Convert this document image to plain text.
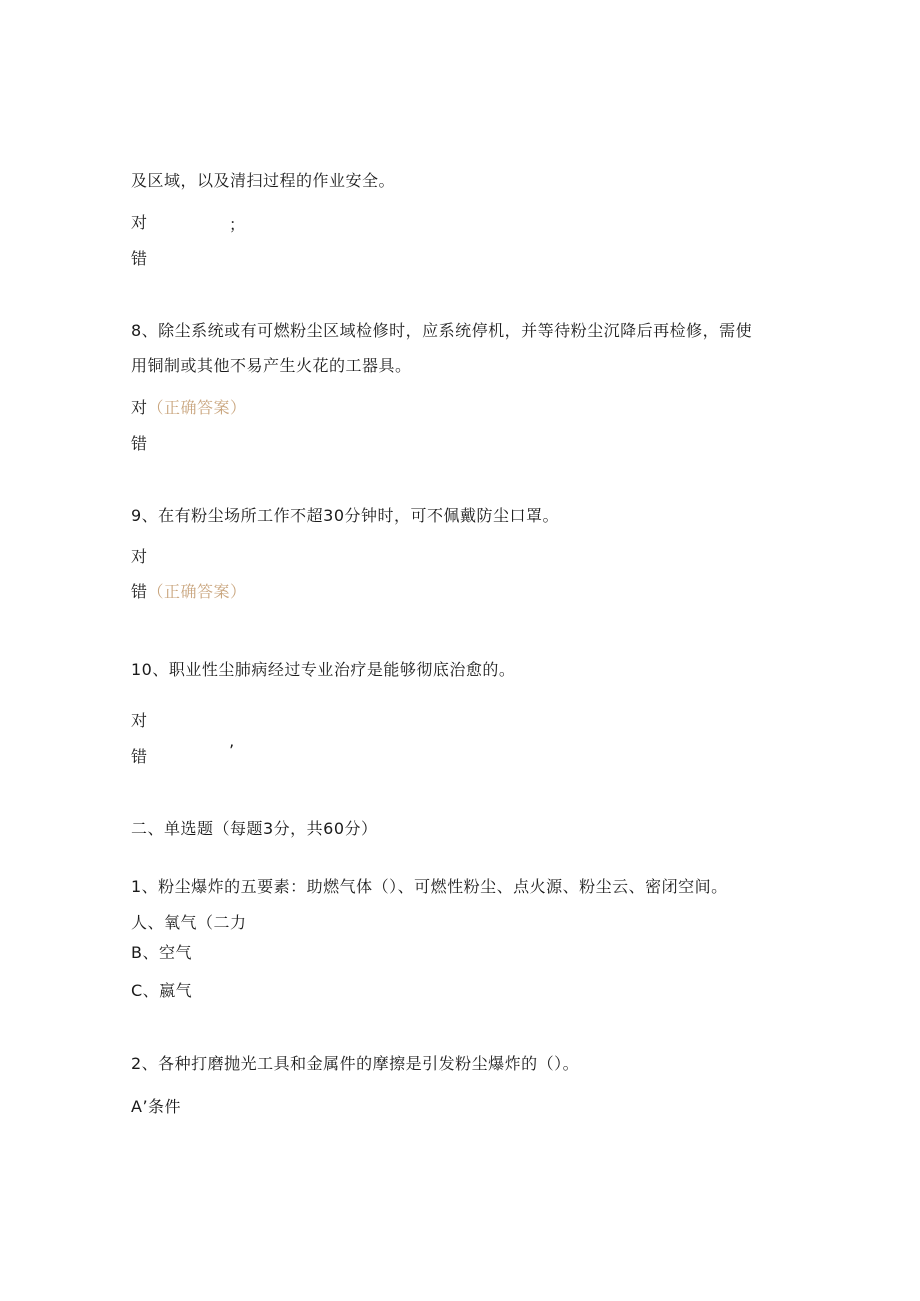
及区域，以及清扫过程的作业安全。
对	；
错
8、除尘系统或有可燃粉尘区域检修时，应系统停机，并等待粉尘沉降后再检修，需使
用铜制或其他不易产生火花的工器具。
对（正确答案）
错
9、在有粉尘场所工作不超30分钟时，可不佩戴防尘口罩。
对
错（正确答案）
10、职业性尘肺病经过专业治疗是能够彻底治愈的。
对
错	’
二、单选题（每题3分，共60分）
1、粉尘爆炸的五要素：助燃气体（）、可燃性粉尘、点火源、粉尘云、密闭空间。
人、氧气（二力
B、空气
C、嬴气
2、各种打磨抛光工具和金属件的摩擦是引发粉尘爆炸的（）。
A’条件
